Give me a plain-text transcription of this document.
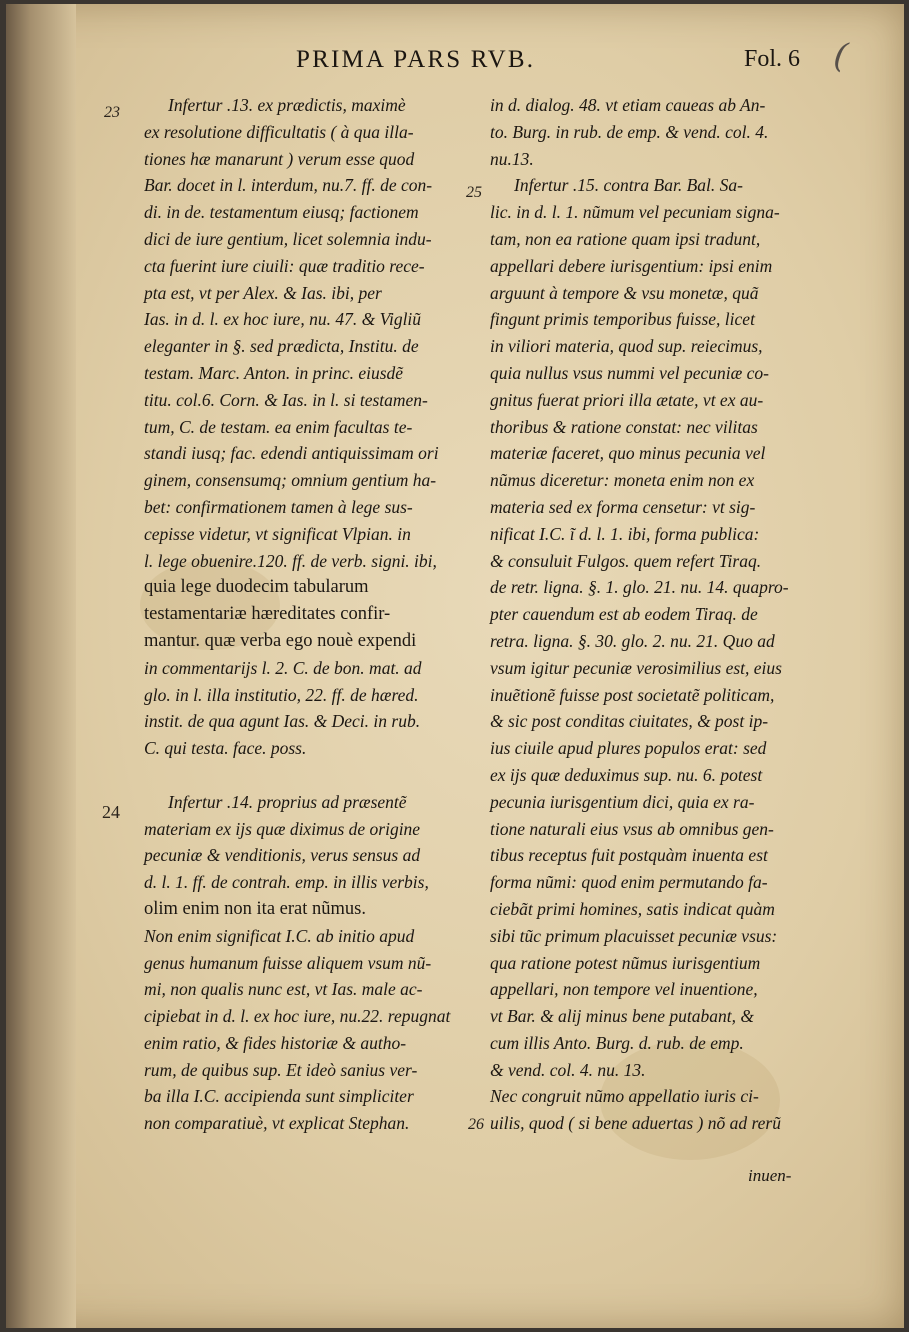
PRIMA PARS RVB.	Fol. 6 (
23
24
25
26
Infertur .13. ex prædictis, maximè
ex resolutione difficultatis ( à qua illa-
tiones hæ manarunt ) verum esse quod
Bar. docet in l. interdum, nu.7. ff. de con-
di. in de. testamentum eiusq; factionem
dici de iure gentium, licet solemnia indu-
cta fuerint iure ciuili: quæ traditio rece-
pta est, vt per Alex. & Ias. ibi, per
Ias. in d. l. ex hoc iure, nu. 47. & Vigliũ
eleganter in §. sed prædicta, Institu. de
testam. Marc. Anton. in princ. eiusdẽ
titu. col.6. Corn. & Ias. in l. si testamen-
tum, C. de testam. ea enim facultas te-
standi iusq; fac. edendi antiquissimam ori
ginem, consensumq; omnium gentium ha-
bet: confirmationem tamen à lege sus-
cepisse videtur, vt significat Vlpian. in
l. lege obuenire.120. ff. de verb. signi. ibi,
quia lege duodecim tabularum
testamentariæ hæreditates confir-
mantur. quæ verba ego nouè expendi
in commentarijs l. 2. C. de bon. mat. ad
glo. in l. illa institutio, 22. ff. de hæred.
instit. de qua agunt Ias. & Deci. in rub.
C. qui testa. face. poss.
Infertur .14. proprius ad præsentẽ
materiam ex ijs quæ diximus de origine
pecuniæ & venditionis, verus sensus ad
d. l. 1. ff. de contrah. emp. in illis verbis,
olim enim non ita erat nũmus.
Non enim significat I.C. ab initio apud
genus humanum fuisse aliquem vsum nũ-
mi, non qualis nunc est, vt Ias. male ac-
cipiebat in d. l. ex hoc iure, nu.22. repugnat
enim ratio, & fides historiæ & autho-
rum, de quibus sup. Et ideò sanius ver-
ba illa I.C. accipienda sunt simpliciter
non comparatiuè, vt explicat Stephan.
in d. dialog. 48. vt etiam caueas ab An-
to. Burg. in rub. de emp. & vend. col. 4.
nu.13.
Infertur .15. contra Bar. Bal. Sa-
lic. in d. l. 1. nũmum vel pecuniam signa-
tam, non ea ratione quam ipsi tradunt,
appellari debere iurisgentium: ipsi enim
arguunt à tempore & vsu monetæ, quã
fingunt primis temporibus fuisse, licet
in viliori materia, quod sup. reiecimus,
quia nullus vsus nummi vel pecuniæ co-
gnitus fuerat priori illa ætate, vt ex au-
thoribus & ratione constat: nec vilitas
materiæ faceret, quo minus pecunia vel
nũmus diceretur: moneta enim non ex
materia sed ex forma censetur: vt sig-
nificat I.C. ĩ d. l. 1. ibi, forma publica:
& consuluit Fulgos. quem refert Tiraq.
de retr. ligna. §. 1. glo. 21. nu. 14. quapro-
pter cauendum est ab eodem Tiraq. de
retra. ligna. §. 30. glo. 2. nu. 21. Quo ad
vsum igitur pecuniæ verosimilius est, eius
inuẽtionẽ fuisse post societatẽ politicam,
& sic post conditas ciuitates, & post ip-
ius ciuile apud plures populos erat: sed
ex ijs quæ deduximus sup. nu. 6. potest
pecunia iurisgentium dici, quia ex ra-
tione naturali eius vsus ab omnibus gen-
tibus receptus fuit postquàm inuenta est
forma nũmi: quod enim permutando fa-
ciebãt primi homines, satis indicat quàm
sibi tũc primum placuisset pecuniæ vsus:
qua ratione potest nũmus iurisgentium
appellari, non tempore vel inuentione,
vt Bar. & alij minus bene putabant, &
cum illis Anto. Burg. d. rub. de emp.
& vend. col. 4. nu. 13.
Nec congruit nũmo appellatio iuris ci-
uilis, quod ( si bene aduertas ) nõ ad rerũ
inuen-
